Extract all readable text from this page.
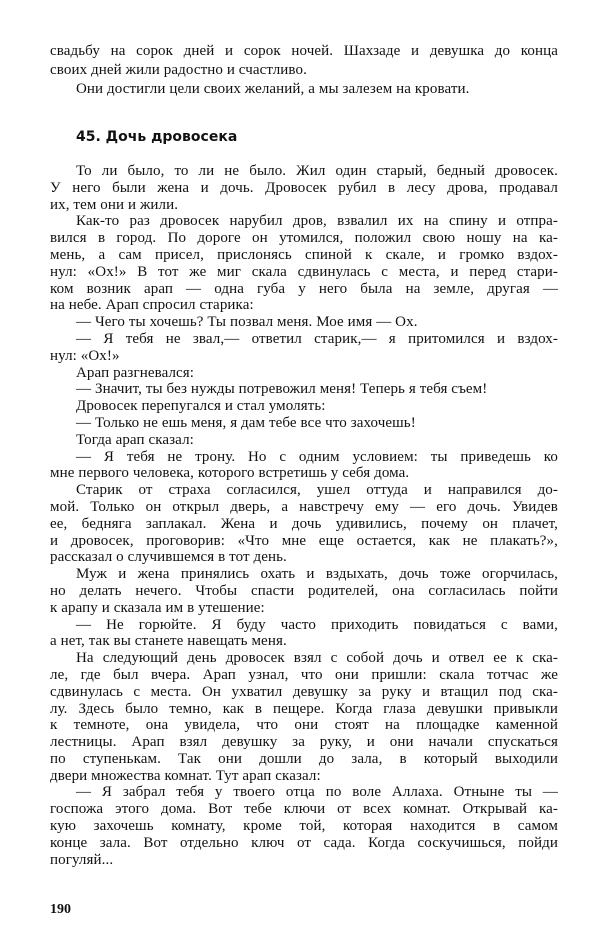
свадьбу на сорок дней и сорок ночей. Шахзаде и девушка до конца
своих дней жили радостно и счастливо.
Они достигли цели своих желаний, а мы залезем на кровати.
45. Дочь дровосека
То ли было, то ли не было. Жил один старый, бедный дровосек.
У него были жена и дочь. Дровосек рубил в лесу дрова, продавал
их, тем они и жили.
Как-то раз дровосек нарубил дров, взвалил их на спину и отпра-
вился в город. По дороге он утомился, положил свою ношу на ка-
мень, а сам присел, прислонясь спиной к скале, и громко вздох-
нул: «Ох!» В тот же миг скала сдвинулась с места, и перед стари-
ком возник арап — одна губа у него была на земле, другая —
на небе. Арап спросил старика:
— Чего ты хочешь? Ты позвал меня. Мое имя — Ох.
— Я тебя не звал,— ответил старик,— я притомился и вздох-
нул: «Ох!»
Арап разгневался:
— Значит, ты без нужды потревожил меня! Теперь я тебя съем!
Дровосек перепугался и стал умолять:
— Только не ешь меня, я дам тебе все что захочешь!
Тогда арап сказал:
— Я тебя не трону. Но с одним условием: ты приведешь ко
мне первого человека, которого встретишь у себя дома.
Старик от страха согласился, ушел оттуда и направился до-
мой. Только он открыл дверь, а навстречу ему — его дочь. Увидев
ее, бедняга заплакал. Жена и дочь удивились, почему он плачет,
и дровосек, проговорив: «Что мне еще остается, как не плакать?»,
рассказал о случившемся в тот день.
Муж и жена принялись охать и вздыхать, дочь тоже огорчилась,
но делать нечего. Чтобы спасти родителей, она согласилась пойти
к арапу и сказала им в утешение:
— Не горюйте. Я буду часто приходить повидаться с вами,
а нет, так вы станете навещать меня.
На следующий день дровосек взял с собой дочь и отвел ее к ска-
ле, где был вчера. Арап узнал, что они пришли: скала тотчас же
сдвинулась с места. Он ухватил девушку за руку и втащил под ска-
лу. Здесь было темно, как в пещере. Когда глаза девушки привыкли
к темноте, она увидела, что они стоят на площадке каменной
лестницы. Арап взял девушку за руку, и они начали спускаться
по ступенькам. Так они дошли до зала, в который выходили
двери множества комнат. Тут арап сказал:
— Я забрал тебя у твоего отца по воле Аллаха. Отныне ты —
госпожа этого дома. Вот тебе ключи от всех комнат. Открывай ка-
кую захочешь комнату, кроме той, которая находится в самом
конце зала. Вот отдельно ключ от сада. Когда соскучишься, пойди
погуляй...
190
